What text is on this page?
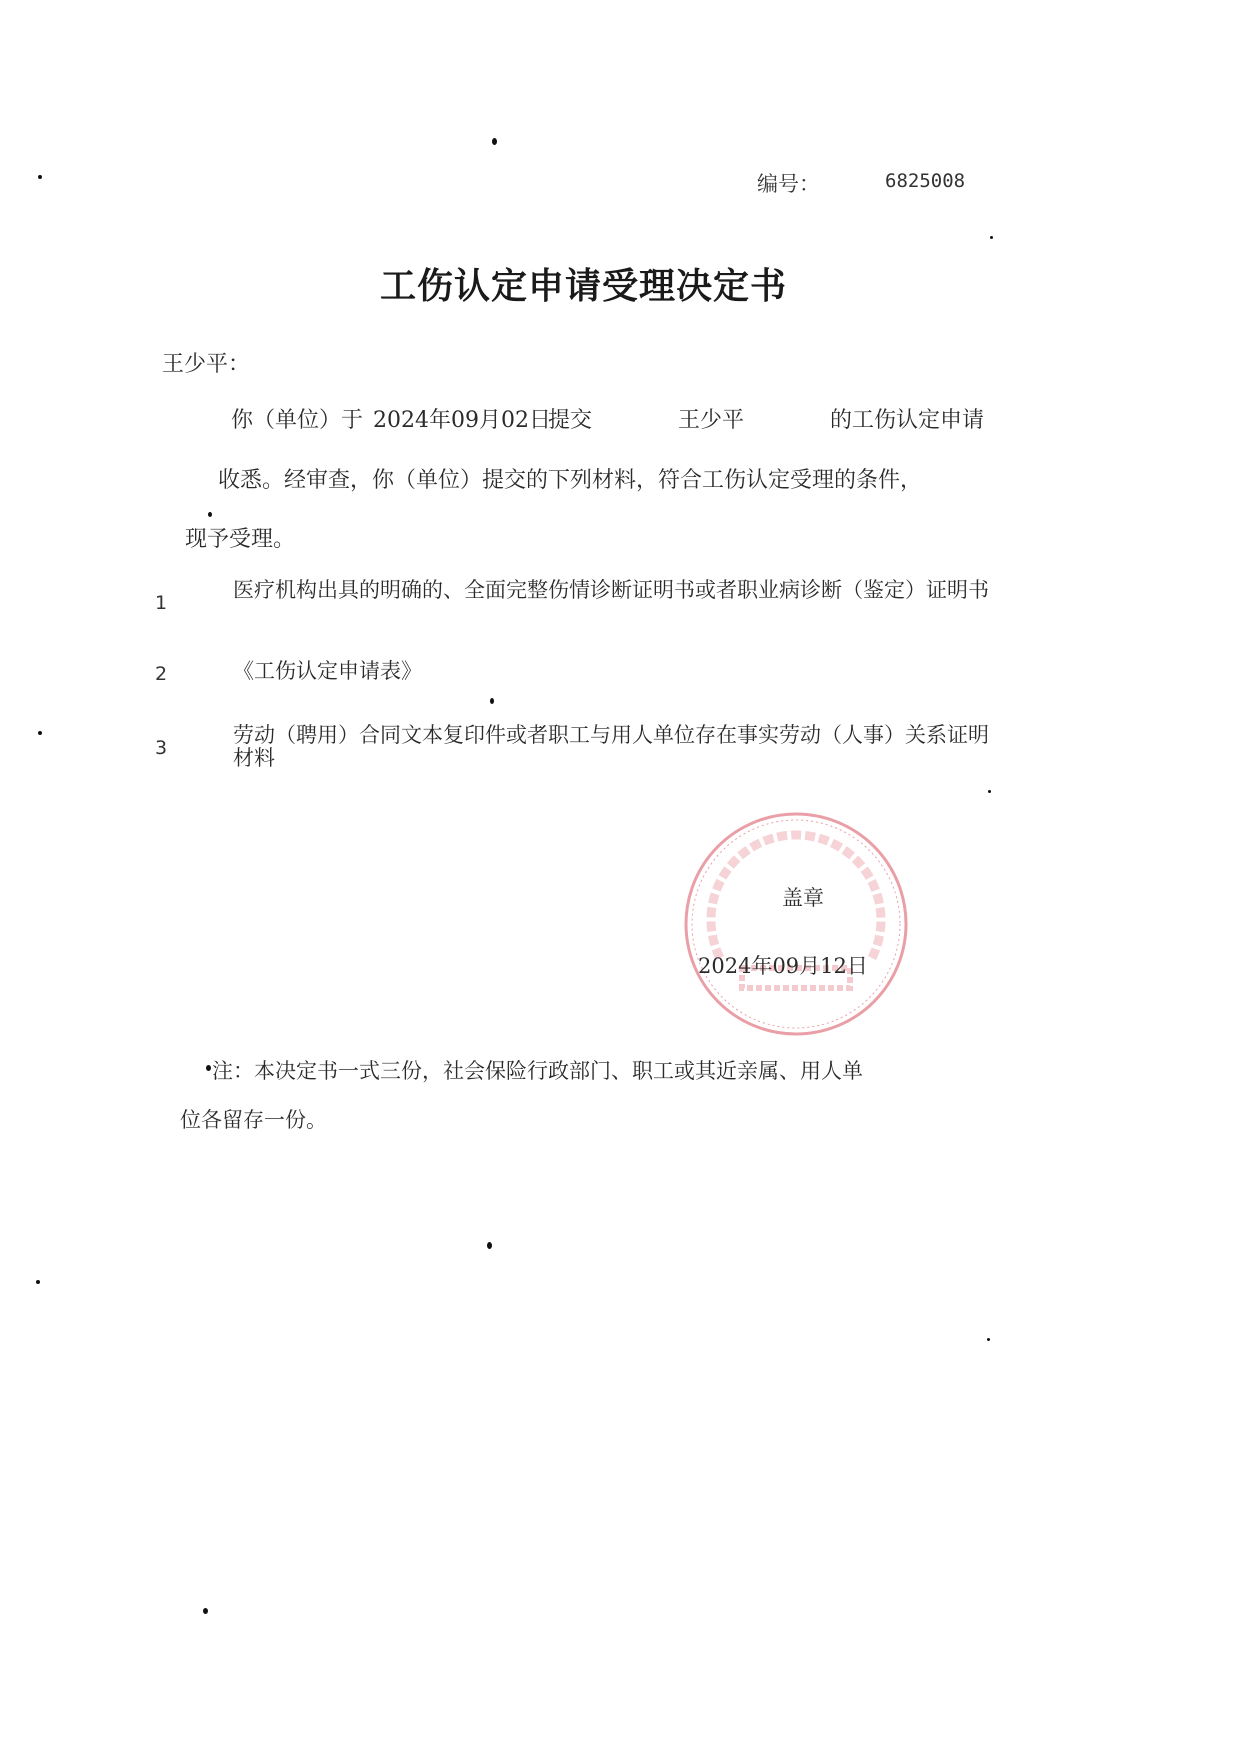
编号：	6825008
工伤认定申请受理决定书
王少平：
你（单位）于 2024年09月02日
提交	王少平	的工伤认定申请
收悉。经审查，你（单位）提交的下列材料，符合工伤认定受理的条件，
现予受理。
1
医疗机构出具的明确的、全面完整伤情诊断证明书或者职业病诊断（鉴定）证明书
2	《工伤认定申请表》
3
劳动（聘用）合同文本复印件或者职工与用人单位存在事实劳动（人事）关系证明材料
盖章
2024年09月12日
注：本决定书一式三份，社会保险行政部门、职工或其近亲属、用人单
位各留存一份。
